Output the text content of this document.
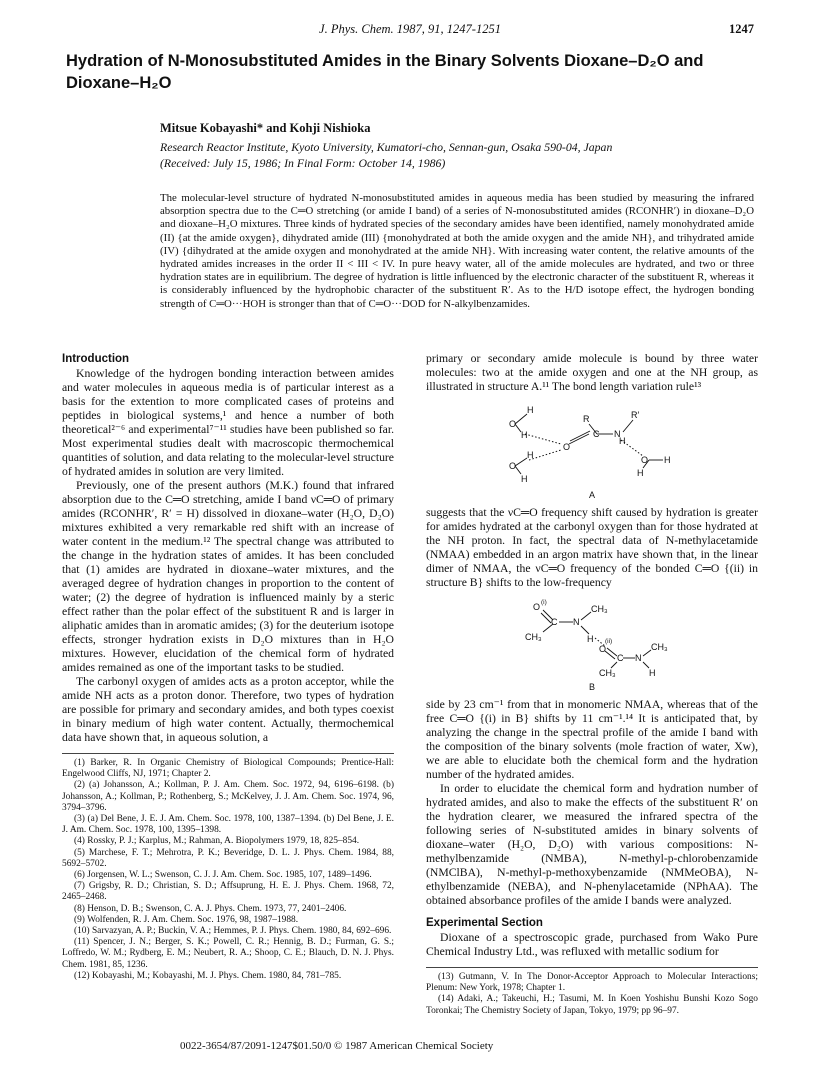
J. Phys. Chem. 1987, 91, 1247-1251	1247
Hydration of N-Monosubstituted Amides in the Binary Solvents Dioxane–D₂O and Dioxane–H₂O
Mitsue Kobayashi* and Kohji Nishioka
Research Reactor Institute, Kyoto University, Kumatori-cho, Sennan-gun, Osaka 590-04, Japan
(Received: July 15, 1986; In Final Form: October 14, 1986)

The molecular-level structure of hydrated N-monosubstituted amides in aqueous media has been studied by measuring the infrared absorption spectra due to the C═O stretching (or amide I band) of a series of N-monosubstituted amides (RCONHR′) in dioxane–D₂O and dioxane–H₂O mixtures. Three kinds of hydrated species of the secondary amides have been identified, namely monohydrated amide (II) {at the amide oxygen}, dihydrated amide (III) {monohydrated at both the amide oxygen and the amide NH}, and trihydrated amide (IV) {dihydrated at the amide oxygen and monohydrated at the amide NH}. With increasing water content, the relative amounts of the hydrated amides increases in the order II < III < IV. In pure heavy water, all of the amide molecules are hydrated, and two or three hydration states are in equilibrium. The degree of hydration is little influenced by the electronic character of the substituent R, whereas it is considerably influenced by the hydrophobic character of the substituent R′. As to the H/D isotope effect, the hydrogen bonding strength of C═O···HOH is stronger than that of C═O···DOD for N-alkylbenzamides.

Introduction

Knowledge of the hydrogen bonding interaction between amides and water molecules in aqueous media is of particular interest as a basis for the extention to more complicated cases of proteins and peptides in biological systems,¹ and hence a number of both theoretical²⁻⁶ and experimental⁷⁻¹¹ studies have been published so far. Most experimental studies dealt with macroscopic thermochemical quantities of solution, and data relating to the molecular-level structure of hydrated amides in solution are very limited.

Previously, one of the present authors (M.K.) found that infrared absorption due to the C═O stretching, amide I band νC═O of primary amides (RCONHR′, R′ = H) dissolved in dioxane–water (H₂O, D₂O) mixtures exhibited a very remarkable red shift with an increase of water content in the medium.¹² The spectral change was attributed to the change in the hydration states of amides. It has been concluded that (1) amides are hydrated in dioxane–water mixtures, and the averaged degree of hydration changes in proportion to the content of water; (2) the degree of hydration is influenced mainly by a steric effect rather than the polar effect of the substituent R and is larger in aliphatic amides than in aromatic amides; (3) for the deuterium isotope effects, stronger hydration exists in D₂O mixtures than in H₂O mixtures. However, elucidation of the chemical form of hydrated amides remained as one of the important tasks to be studied.

The carbonyl oxygen of amides acts as a proton acceptor, while the amide NH acts as a proton donor. Therefore, two types of hydration are possible for primary and secondary amides, and both types coexist in binary medium of high water content. Actually, thermochemical data have shown that, in aqueous solution, a

(1) Barker, R. In Organic Chemistry of Biological Compounds; Prentice-Hall: Engelwood Cliffs, NJ, 1971; Chapter 2.
(2) (a) Johansson, A.; Kollman, P. J. Am. Chem. Soc. 1972, 94, 6196–6198. (b) Johansson, A.; Kollman, P.; Rothenberg, S.; McKelvey, J. J. Am. Chem. Soc. 1974, 96, 3794–3796.
(3) (a) Del Bene, J. E. J. Am. Chem. Soc. 1978, 100, 1387–1394. (b) Del Bene, J. E. J. Am. Chem. Soc. 1978, 100, 1395–1398.
(4) Rossky, P. J.; Karplus, M.; Rahman, A. Biopolymers 1979, 18, 825–854.
(5) Marchese, F. T.; Mehrotra, P. K.; Beveridge, D. L. J. Phys. Chem. 1984, 88, 5692–5702.
(6) Jorgensen, W. L.; Swenson, C. J. J. Am. Chem. Soc. 1985, 107, 1489–1496.
(7) Grigsby, R. D.; Christian, S. D.; Affsuprung, H. E. J. Phys. Chem. 1968, 72, 2465–2468.
(8) Henson, D. B.; Swenson, C. A. J. Phys. Chem. 1973, 77, 2401–2406.
(9) Wolfenden, R. J. Am. Chem. Soc. 1976, 98, 1987–1988.
(10) Sarvazyan, A. P.; Buckin, V. A.; Hemmes, P. J. Phys. Chem. 1980, 84, 692–696.
(11) Spencer, J. N.; Berger, S. K.; Powell, C. R.; Hennig, B. D.; Furman, G. S.; Loffredo, W. M.; Rydberg, E. M.; Neubert, R. A.; Shoop, C. E.; Blauch, D. N. J. Phys. Chem. 1981, 85, 1236.
(12) Kobayashi, M.; Kobayashi, M. J. Phys. Chem. 1980, 84, 781–785.

primary or secondary amide molecule is bound by three water molecules: two at the amide oxygen and one at the NH group, as illustrated in structure A.¹¹ The bond length variation rule¹³

O
H
H
R
C N
R′
O
O
H
H
O H
H
H
A

suggests that the νC═O frequency shift caused by hydration is greater for amides hydrated at the carbonyl oxygen than for those hydrated at the NH proton. In fact, the spectral data of N-methylacetamide (NMAA) embedded in an argon matrix have shown that, in the linear dimer of NMAA, the νC═O frequency of the bonded C═O {(ii) in structure B} shifts to the low-frequency

O (i)
C N
CH₃
CH₃	H
O
(ii)
C N
CH₃
CH₃	H
B

side by 23 cm⁻¹ from that in monomeric NMAA, whereas that of the free C═O {(i) in B} shifts by 11 cm⁻¹.¹⁴ It is anticipated that, by analyzing the change in the spectral profile of the amide I band with the composition of the binary solvents (mole fraction of water, Xw), we are able to elucidate both the chemical form and the hydration number of the hydrated amides.

In order to elucidate the chemical form and hydration number of hydrated amides, and also to make the effects of the substituent R′ on the hydration clearer, we measured the infrared spectra of the following series of N-substituted amides in binary solvents of dioxane–water (H₂O, D₂O) with various compositions: N-methylbenzamide (NMBA), N-methyl-p-chlorobenzamide (NMClBA), N-methyl-p-methoxybenzamide (NMMeOBA), N-ethylbenzamide (NEBA), and N-phenylacetamide (NPhAA). The obtained absorbance profiles of the amide I bands were analyzed.

Experimental Section

Dioxane of a spectroscopic grade, purchased from Wako Pure Chemical Industry Ltd., was refluxed with metallic sodium for

(13) Gutmann, V. In The Donor-Acceptor Approach to Molecular Interactions; Plenum: New York, 1978; Chapter 1.
(14) Adaki, A.; Takeuchi, H.; Tasumi, M. In Koen Yoshishu Bunshi Kozo Sogo Toronkai; The Chemistry Society of Japan, Tokyo, 1979; pp 96–97.
0022-3654/87/2091-1247$01.50/0 © 1987 American Chemical Society
